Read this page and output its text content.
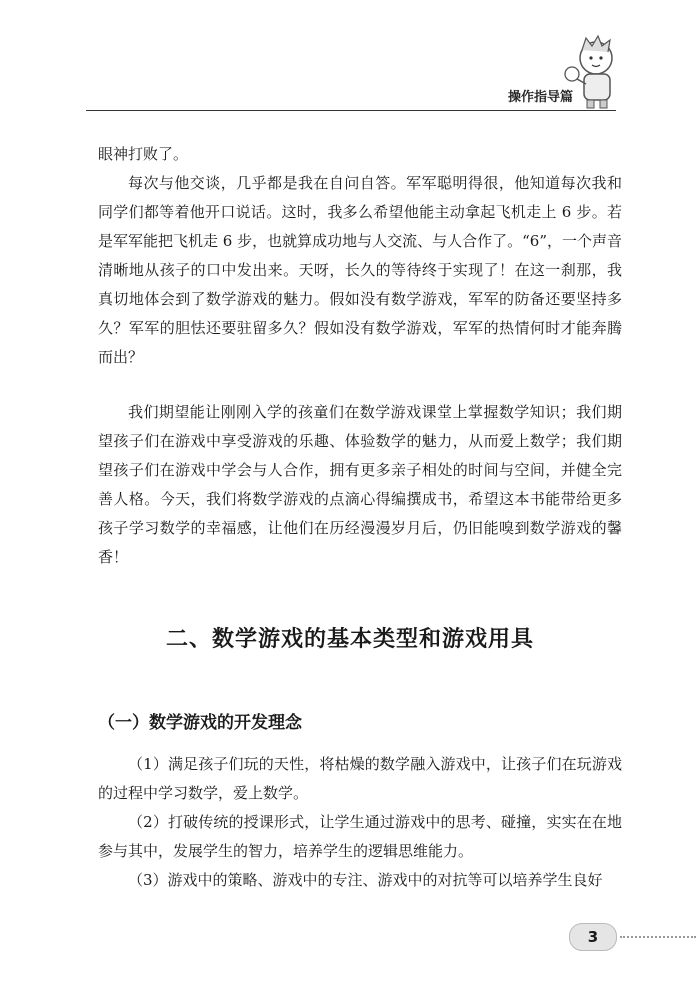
操作指导篇
眼神打败了。
每次与他交谈，几乎都是我在自问自答。军军聪明得很，他知道每次我和同学们都等着他开口说话。这时，我多么希望他能主动拿起飞机走上 6 步。若是军军能把飞机走 6 步，也就算成功地与人交流、与人合作了。“6”，一个声音清晰地从孩子的口中发出来。天呀，长久的等待终于实现了！在这一刹那，我真切地体会到了数学游戏的魅力。假如没有数学游戏，军军的防备还要坚持多久？军军的胆怯还要驻留多久？假如没有数学游戏，军军的热情何时才能奔腾而出？
我们期望能让刚刚入学的孩童们在数学游戏课堂上掌握数学知识；我们期望孩子们在游戏中享受游戏的乐趣、体验数学的魅力，从而爱上数学；我们期望孩子们在游戏中学会与人合作，拥有更多亲子相处的时间与空间，并健全完善人格。今天，我们将数学游戏的点滴心得编撰成书，希望这本书能带给更多孩子学习数学的幸福感，让他们在历经漫漫岁月后，仍旧能嗅到数学游戏的馨香！
二、数学游戏的基本类型和游戏用具
（一）数学游戏的开发理念
（1）满足孩子们玩的天性，将枯燥的数学融入游戏中，让孩子们在玩游戏的过程中学习数学，爱上数学。
（2）打破传统的授课形式，让学生通过游戏中的思考、碰撞，实实在在地参与其中，发展学生的智力，培养学生的逻辑思维能力。
（3）游戏中的策略、游戏中的专注、游戏中的对抗等可以培养学生良好
3
